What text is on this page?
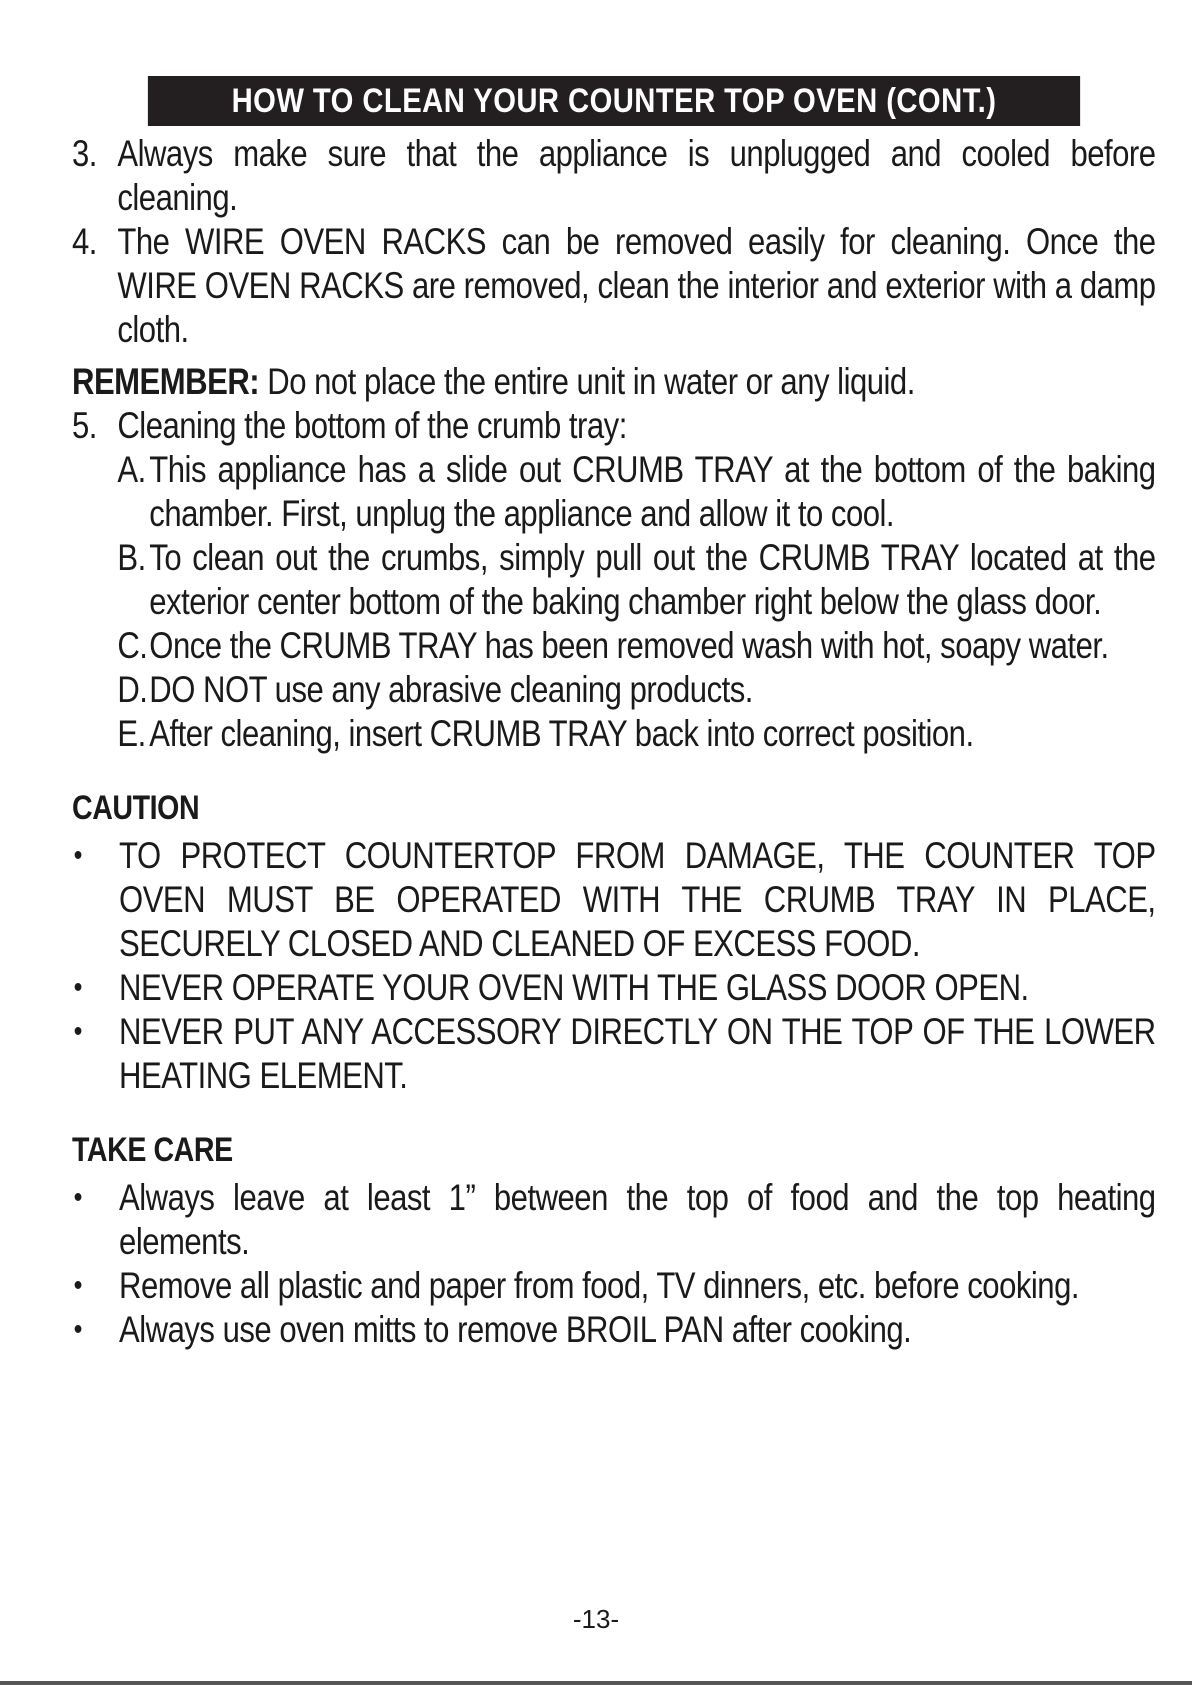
HOW TO CLEAN YOUR COUNTER TOP OVEN (CONT.)
3. Always make sure that the appliance is unplugged and cooled before cleaning.
4. The WIRE OVEN RACKS can be removed easily for cleaning. Once the WIRE OVEN RACKS are removed, clean the interior and exterior with a damp cloth.
REMEMBER: Do not place the entire unit in water or any liquid.
5. Cleaning the bottom of the crumb tray:
A. This appliance has a slide out CRUMB TRAY at the bottom of the baking chamber. First, unplug the appliance and allow it to cool.
B. To clean out the crumbs, simply pull out the CRUMB TRAY located at the exterior center bottom of the baking chamber right below the glass door.
C. Once the CRUMB TRAY has been removed wash with hot, soapy water.
D. DO NOT use any abrasive cleaning products.
E. After cleaning, insert CRUMB TRAY back into correct position.
CAUTION
•	TO PROTECT COUNTERTOP FROM DAMAGE, THE COUNTER TOP OVEN MUST BE OPERATED WITH THE CRUMB TRAY IN PLACE, SECURELY CLOSED AND CLEANED OF EXCESS FOOD.
•	NEVER OPERATE YOUR OVEN WITH THE GLASS DOOR OPEN.
•	NEVER PUT ANY ACCESSORY DIRECTLY ON THE TOP OF THE LOWER HEATING ELEMENT.
TAKE CARE
•	Always leave at least 1” between the top of food and the top heating elements.
•	Remove all plastic and paper from food, TV dinners, etc. before cooking.
•	Always use oven mitts to remove BROIL PAN after cooking.
-13-
